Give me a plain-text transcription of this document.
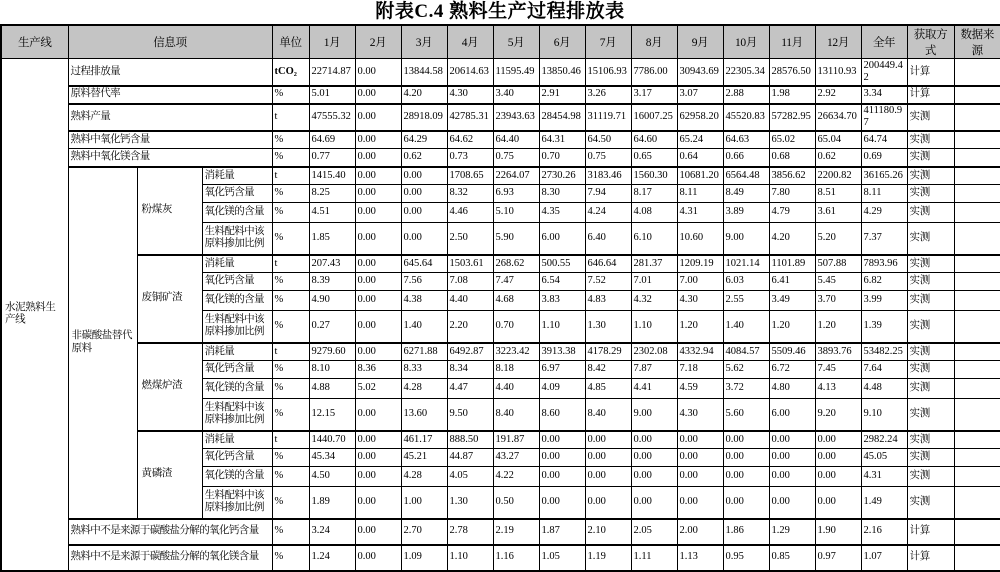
附表C.4 熟料生产过程排放表
生产线	信息项			单位	1月	2月	3月	4月	5月	6月	7月	8月	9月	10月	11月	12月	全年	获取方式	数据来源
水泥熟料生产线	过程排放量			tCO₂	22714.87	0.00	13844.58	20614.63	11595.49	13850.46	15106.93	7786.00	30943.69	22305.34	28576.50	13110.93	200449.42	计算	
	原料替代率			%	5.01	0.00	4.20	4.30	3.40	2.91	3.26	3.17	3.07	2.88	1.98	2.92	3.34	计算	
	熟料产量			t	47555.32	0.00	28918.09	42785.31	23943.63	28454.98	31119.71	16007.25	62958.20	45520.83	57282.95	26634.70	411180.97	实测	
	熟料中氧化钙含量			%	64.69	0.00	64.29	64.62	64.40	64.31	64.50	64.60	65.24	64.63	65.02	65.04	64.74	实测	
	熟料中氧化镁含量			%	0.77	0.00	0.62	0.73	0.75	0.70	0.75	0.65	0.64	0.66	0.68	0.62	0.69	实测	
	非碳酸盐替代原料	粉煤灰	消耗量	t	1415.40	0.00	0.00	1708.65	2264.07	2730.26	3183.46	1560.30	10681.20	6564.48	3856.62	2200.82	36165.26	实测	
			氧化钙含量	%	8.25	0.00	0.00	8.32	6.93	8.30	7.94	8.17	8.11	8.49	7.80	8.51	8.11	实测	
			氧化镁的含量	%	4.51	0.00	0.00	4.46	5.10	4.35	4.24	4.08	4.31	3.89	4.79	3.61	4.29	实测	
			生料配料中该原料掺加比例	%	1.85	0.00	0.00	2.50	5.90	6.00	6.40	6.10	10.60	9.00	4.20	5.20	7.37	实测	
		废铜矿渣	消耗量	t	207.43	0.00	645.64	1503.61	268.62	500.55	646.64	281.37	1209.19	1021.14	1101.89	507.88	7893.96	实测	
			氧化钙含量	%	8.39	0.00	7.56	7.08	7.47	6.54	7.52	7.01	7.00	6.03	6.41	5.45	6.82	实测	
			氧化镁的含量	%	4.90	0.00	4.38	4.40	4.68	3.83	4.83	4.32	4.30	2.55	3.49	3.70	3.99	实测	
			生料配料中该原料掺加比例	%	0.27	0.00	1.40	2.20	0.70	1.10	1.30	1.10	1.20	1.40	1.20	1.20	1.39	实测	
		燃煤炉渣	消耗量	t	9279.60	0.00	6271.88	6492.87	3223.42	3913.38	4178.29	2302.08	4332.94	4084.57	5509.46	3893.76	53482.25	实测	
			氧化钙含量	%	8.10	8.36	8.33	8.34	8.18	6.97	8.42	7.87	7.18	5.62	6.72	7.45	7.64	实测	
			氧化镁的含量	%	4.88	5.02	4.28	4.47	4.40	4.09	4.85	4.41	4.59	3.72	4.80	4.13	4.48	实测	
			生料配料中该原料掺加比例	%	12.15	0.00	13.60	9.50	8.40	8.60	8.40	9.00	4.30	5.60	6.00	9.20	9.10	实测	
		黄磷渣	消耗量	t	1440.70	0.00	461.17	888.50	191.87	0.00	0.00	0.00	0.00	0.00	0.00	0.00	2982.24	实测	
			氧化钙含量	%	45.34	0.00	45.21	44.87	43.27	0.00	0.00	0.00	0.00	0.00	0.00	0.00	45.05	实测	
			氧化镁的含量	%	4.50	0.00	4.28	4.05	4.22	0.00	0.00	0.00	0.00	0.00	0.00	0.00	4.31	实测	
			生料配料中该原料掺加比例	%	1.89	0.00	1.00	1.30	0.50	0.00	0.00	0.00	0.00	0.00	0.00	0.00	1.49	实测	
	熟料中不是来源于碳酸盐分解的氧化钙含量			%	3.24	0.00	2.70	2.78	2.19	1.87	2.10	2.05	2.00	1.86	1.29	1.90	2.16	计算	
	熟料中不是来源于碳酸盐分解的氧化镁含量			%	1.24	0.00	1.09	1.10	1.16	1.05	1.19	1.11	1.13	0.95	0.85	0.97	1.07	计算	
